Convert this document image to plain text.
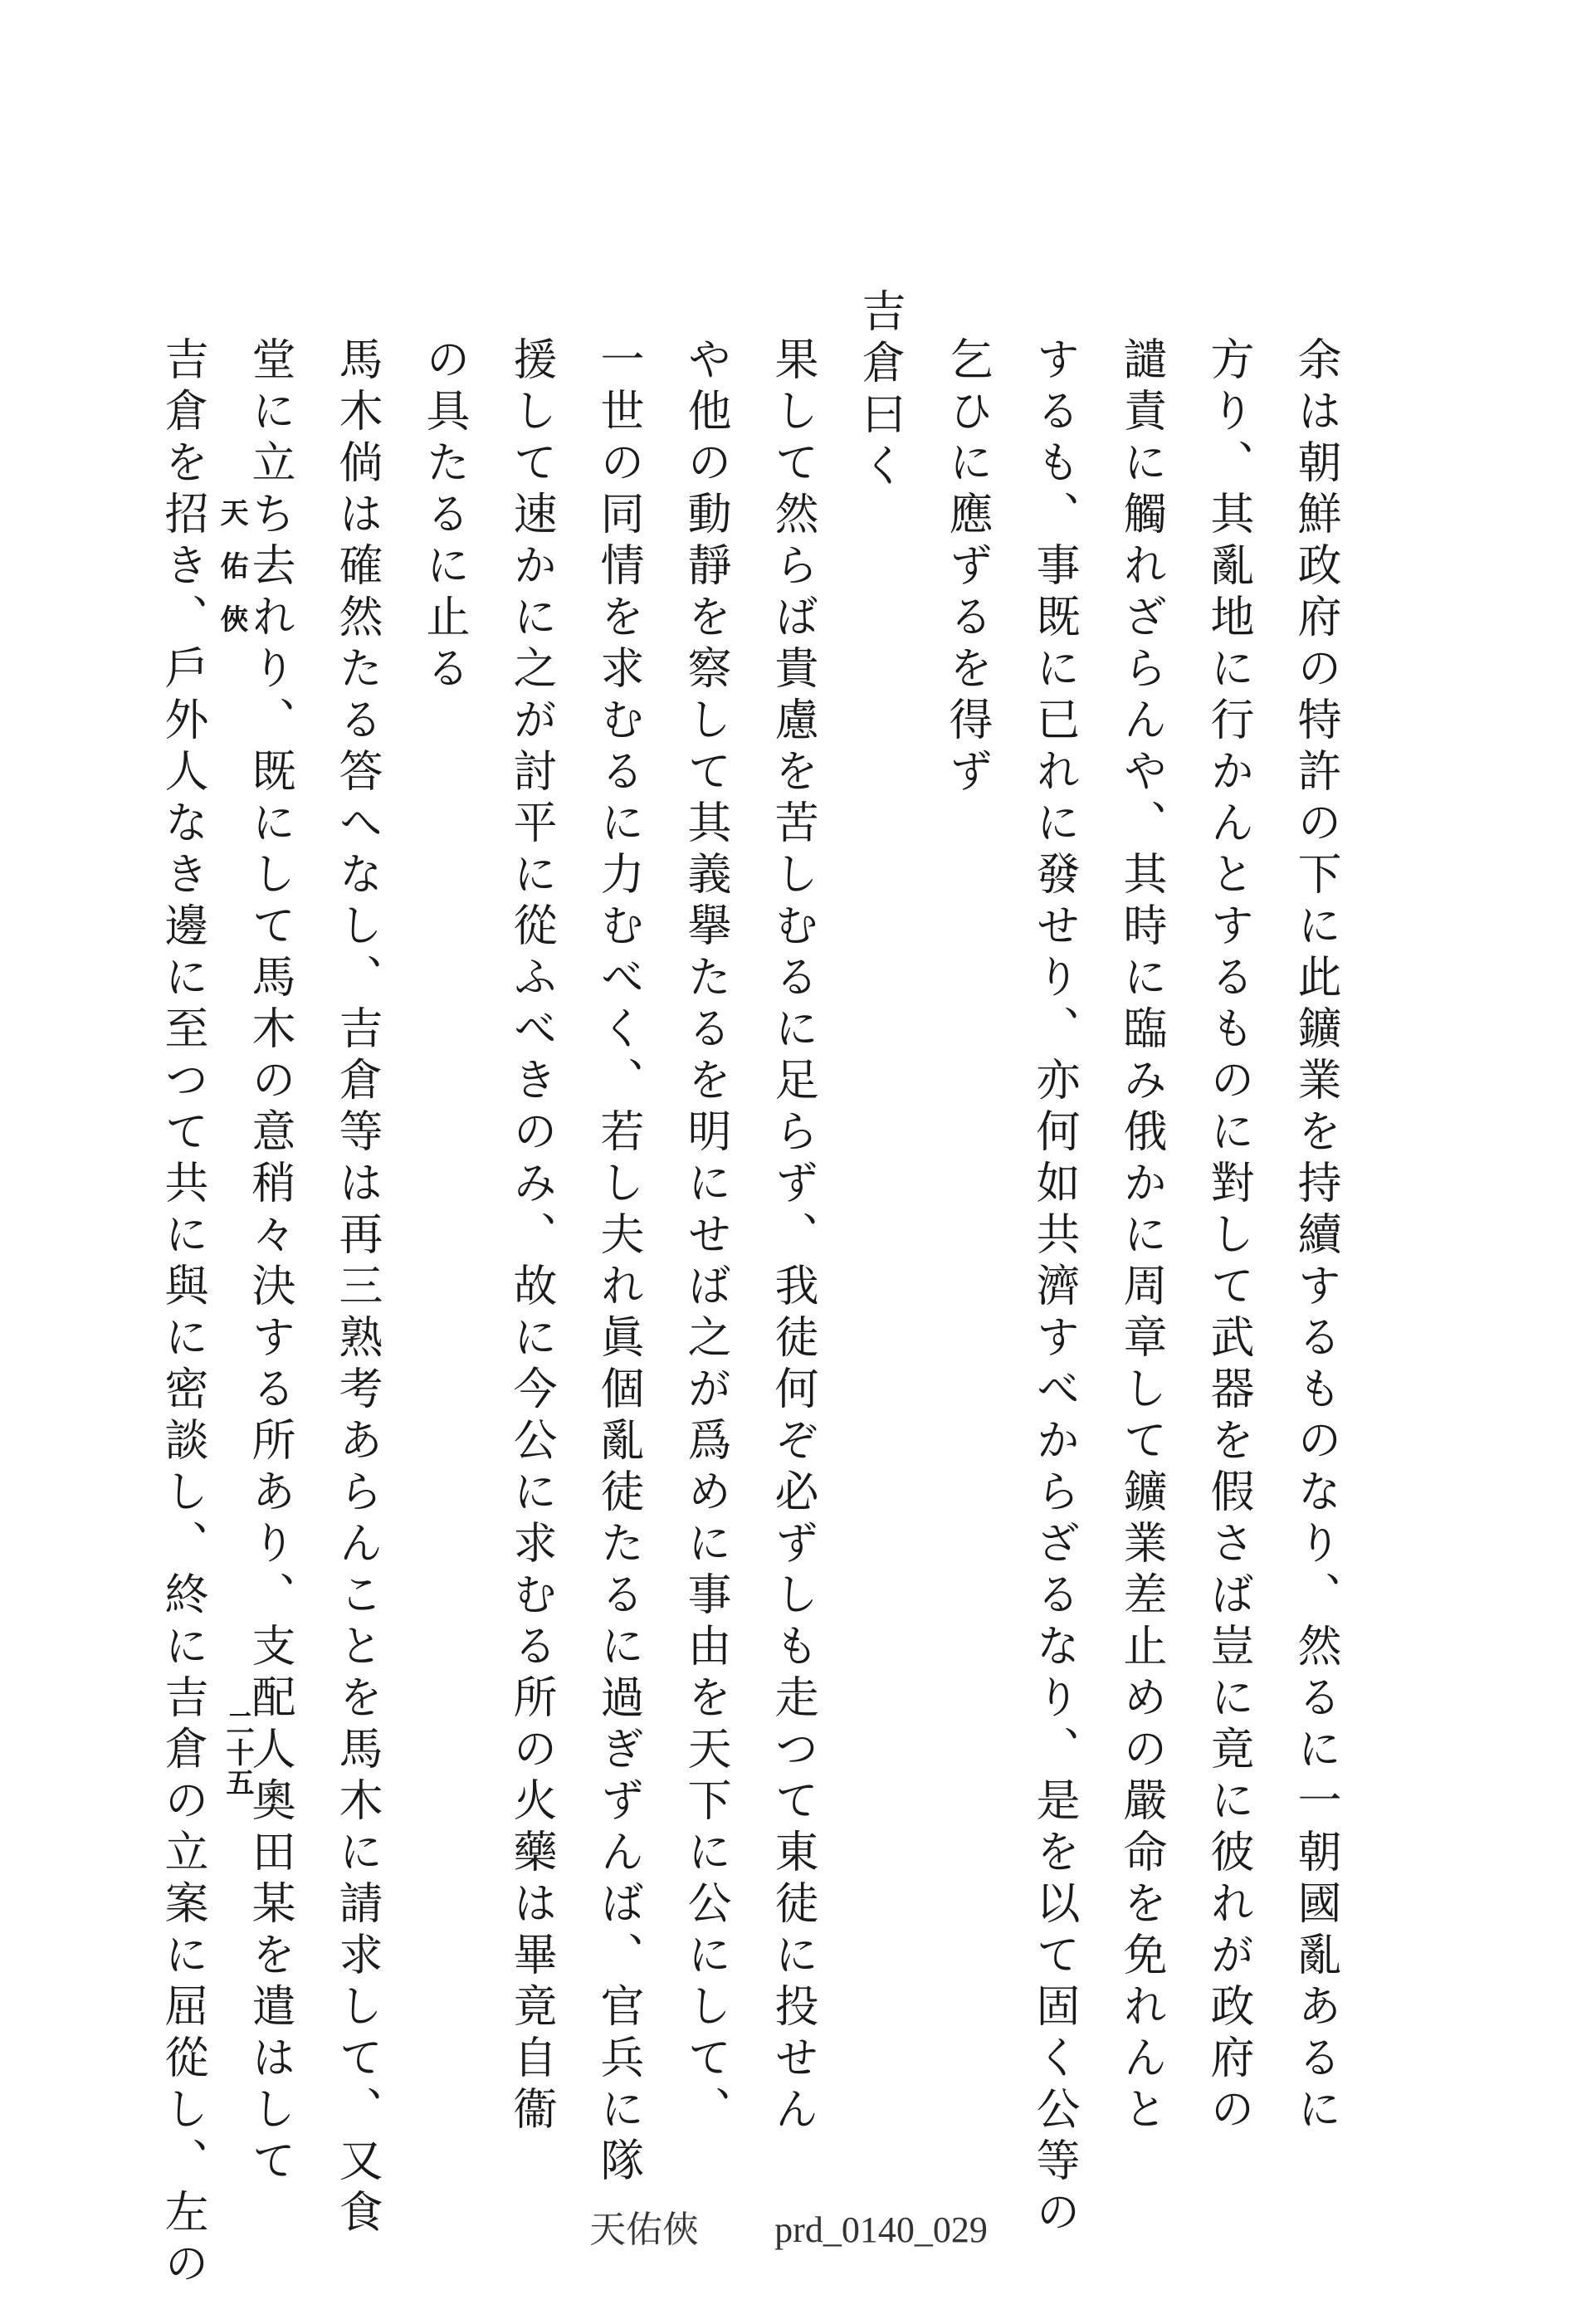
天佑俠
二十五	余は朝鮮政府の特許の下に此鑛業を持續するものなり、然るに一朝國亂あるに
方り、其亂地に行かんとするものに對して武器を假さば豈に竟に彼れが政府の
譴責に觸れざらんや、其時に臨み俄かに周章して鑛業差止めの嚴命を免れんと
するも、事既に已れに發せり、亦何如共濟すべからざるなり、是を以て固く公等の
乞ひに應ずるを得ず
吉倉曰く
果して然らば貴慮を苦しむるに足らず、我徒何ぞ必ずしも走つて東徒に投せん
や他の動靜を察して其義擧たるを明にせば之が爲めに事由を天下に公にして、
一世の同情を求むるに力むべく、若し夫れ眞個亂徒たるに過ぎずんば、官兵に隊
援して速かに之が討平に從ふべきのみ、故に今公に求むる所の火藥は畢竟自衞
の具たるに止る
馬木倘は確然たる答へなし、吉倉等は再三熟考あらんことを馬木に請求して、又食
堂に立ち去れり、既にして馬木の意稍々決する所あり、支配人奧田某を遣はして
吉倉を招き、戶外人なき邊に至つて共に與に密談し、終に吉倉の立案に屈從し、左の	天佑俠 prd_0140_029
